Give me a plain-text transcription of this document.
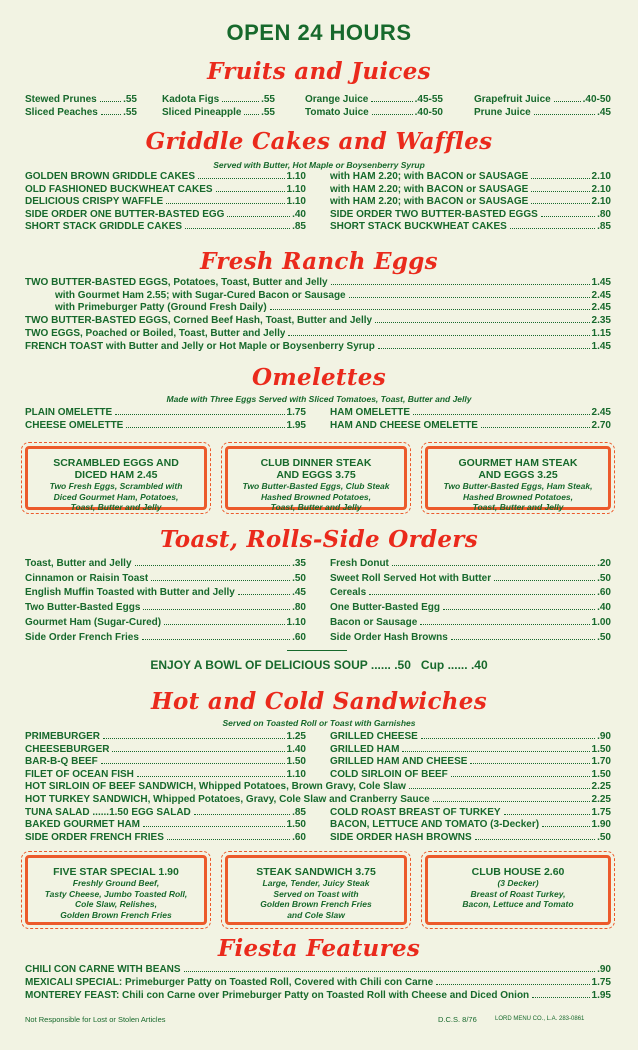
OPEN 24 HOURS
Fruits and Juices
Griddle Cakes and Waffles
Served with Butter, Hot Maple or Boysenberry Syrup
Fresh Ranch Eggs
Omelettes
Made with Three Eggs Served with Sliced Tomatoes, Toast, Butter and Jelly
Toast, Rolls-Side Orders
ENJOY A BOWL OF DELICIOUS SOUP ...... .50 Cup ...... .40
Hot and Cold Sandwiches
Served on Toasted Roll or Toast with Garnishes
Fiesta Features
Not Responsible for Lost or Stolen Articles	D.C.S. 8/76	LORD MENU CO., L.A. 283-0861
Stewed Prunes	.55
Sliced Peaches	.55
Kadota Figs	.55
Sliced Pineapple .55
Orange Juice	.45-55
Tomato Juice	.40-50
Grapefruit Juice	.40-50
Prune Juice	.45
GOLDEN BROWN GRIDDLE CAKES	1.10 with HAM 2.20; with BACON or SAUSAGE	2.10
OLD FASHIONED BUCKWHEAT CAKES	1.10 with HAM 2.20; with BACON or SAUSAGE	2.10
DELICIOUS CRISPY WAFFLE	1.10 with HAM 2.20; with BACON or SAUSAGE	2.10
SIDE ORDER ONE BUTTER-BASTED EGG	.40 SIDE ORDER TWO BUTTER-BASTED EGGS	.80
SHORT STACK GRIDDLE CAKES	.85 SHORT STACK BUCKWHEAT CAKES	.85
TWO BUTTER-BASTED EGGS, Potatoes, Toast, Butter and Jelly	1.45
with Gourmet Ham 2.55; with Sugar-Cured Bacon or Sausage	2.45
with Primeburger Patty (Ground Fresh Daily)	2.45
TWO BUTTER-BASTED EGGS, Corned Beef Hash, Toast, Butter and Jelly	2.35
TWO EGGS, Poached or Boiled, Toast, Butter and Jelly	1.15
FRENCH TOAST with Butter and Jelly or Hot Maple or Boysenberry Syrup	1.45
PLAIN OMELETTE	1.75 HAM OMELETTE	2.45
CHEESE OMELETTE	1.95 HAM AND CHEESE OMELETTE	2.70
SCRAMBLED EGGS AND
DICED HAM 2.45
Two Fresh Eggs, Scrambled with
Diced Gourmet Ham, Potatoes,
Toast, Butter and Jelly
CLUB DINNER STEAK
AND EGGS 3.75
Two Butter-Basted Eggs, Club Steak
Hashed Browned Potatoes,
Toast, Butter and Jelly
GOURMET HAM STEAK
AND EGGS 3.25
Two Butter-Basted Eggs, Ham Steak,
Hashed Browned Potatoes,
Toast, Butter and Jelly
Toast, Butter and Jelly	.35 Fresh Donut	.20
Cinnamon or Raisin Toast	.50 Sweet Roll Served Hot with Butter	.50
English Muffin Toasted with Butter and Jelly	.45 Cereals	.60
Two Butter-Basted Eggs	.80 One Butter-Basted Egg	.40
Gourmet Ham (Sugar-Cured)	1.10 Bacon or Sausage	1.00
Side Order French Fries	.60 Side Order Hash Browns	.50
PRIMEBURGER	1.25 GRILLED CHEESE	.90
CHEESEBURGER	1.40 GRILLED HAM	1.50
BAR-B-Q BEEF	1.50 GRILLED HAM AND CHEESE	1.70
FILET OF OCEAN FISH	1.10 COLD SIRLOIN OF BEEF	1.50
HOT SIRLOIN OF BEEF SANDWICH, Whipped Potatoes, Brown Gravy, Cole Slaw	2.25
HOT TURKEY SANDWICH, Whipped Potatoes, Gravy, Cole Slaw and Cranberry Sauce	2.25
TUNA SALAD ......1.50 EGG SALAD	.85 COLD ROAST BREAST OF TURKEY	1.75
BAKED GOURMET HAM	1.50 BACON, LETTUCE AND TOMATO (3-Decker)	1.90
SIDE ORDER FRENCH FRIES	.60 SIDE ORDER HASH BROWNS	.50
FIVE STAR SPECIAL 1.90
Freshly Ground Beef,
Tasty Cheese, Jumbo Toasted Roll,
Cole Slaw, Relishes,
Golden Brown French Fries
STEAK SANDWICH 3.75
Large, Tender, Juicy Steak
Served on Toast with
Golden Brown French Fries
and Cole Slaw
CLUB HOUSE 2.60
(3 Decker)
Breast of Roast Turkey,
Bacon, Lettuce and Tomato
CHILI CON CARNE WITH BEANS	.90
MEXICALI SPECIAL: Primeburger Patty on Toasted Roll, Covered with Chili con Carne	1.75
MONTEREY FEAST: Chili con Carne over Primeburger Patty on Toasted Roll with Cheese and Diced Onion	1.95
